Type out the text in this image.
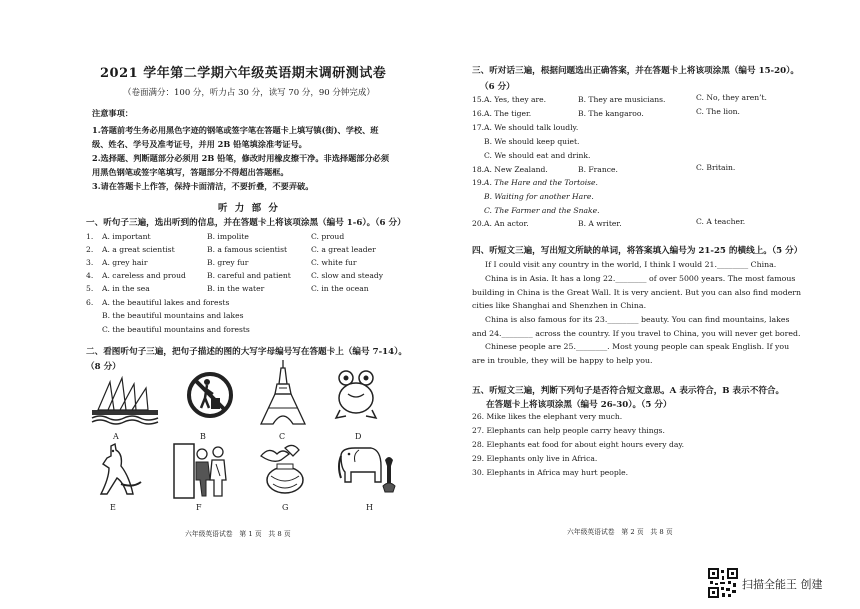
2021 学年第二学期六年级英语期末调研测试卷
（卷面满分：100 分，听力占 30 分，读写 70 分，90 分钟完成）
注意事项：
1.答题前考生务必用黑色字迹的钢笔或签字笔在答题卡上填写镇(街)、学校、班
级、姓名、学号及准考证号，并用 2B 铅笔填涂准考证号。
2.选择题、判断题部分必须用 2B 铅笔，修改时用橡皮擦干净。非选择题部分必须
用黑色钢笔或签字笔填写，答题部分不得超出答题框。
3.请在答题卡上作答，保持卡面清洁，不要折叠，不要弄破。
听 力 部 分
一、听句子三遍，选出听到的信息，并在答题卡上将该项涂黑（编号 1-6）。（6 分）
1. A. important	B. impolite	C. proud
2. A. a great scientist	B. a famous scientist	C. a great leader
3. A. grey hair	B. grey fur	C. white fur
4. A. careless and proud	B. careful and patient	C. slow and steady
5. A. in the sea	B. in the water	C. in the ocean
6. A. the beautiful lakes and forests
B. the beautiful mountains and lakes
C. the beautiful mountains and forests
二、看图听句子三遍，把句子描述的图的大写字母编号写在答题卡上（编号 7-14）。
（8 分）
A	B	C	D
E	F	G	H
六年级英语试卷　第 1 页　共 8 页
三、听对话三遍，根据问题选出正确答案，并在答题卡上将该项涂黑（编号 15-20）。
（6 分）
15. A. Yes, they are.	B. They are musicians.	C. No, they aren’t.
16. A. The tiger.	B. The kangaroo.	C. The lion.
17. A. We should talk loudly.
B. We should keep quiet.
C. We should eat and drink.
18. A. New Zealand.	B. France.	C. Britain.
19. A. The Hare and the Tortoise.
B. Waiting for another Hare.
C. The Farmer and the Snake.
20. A. An actor.	B. A writer.	C. A teacher.
四、听短文三遍，写出短文所缺的单词，将答案填入编号为 21-25 的横线上。（5 分）
If I could visit any country in the world, I think I would 21.________ China.
China is in Asia. It has a long 22.________ of over 5000 years. The most famous building in China is the Great Wall. It is very ancient. But you can also find modern cities like Shanghai and Shenzhen in China.
China is also famous for its 23.________ beauty. You can find mountains, lakes and 24.________ across the country. If you travel to China, you will never get bored.
Chinese people are 25.________. Most young people can speak English. If you are in trouble, they will be happy to help you.
五、听短文三遍，判断下列句子是否符合短文意思。A 表示符合，B 表示不符合。
在答题卡上将该项涂黑（编号 26-30）。（5 分）
26. Mike likes the elephant very much.
27. Elephants can help people carry heavy things.
28. Elephants eat food for about eight hours every day.
29. Elephants only live in Africa.
30. Elephants in Africa may hurt people.
六年级英语试卷　第 2 页　共 8 页
扫描全能王 创建
